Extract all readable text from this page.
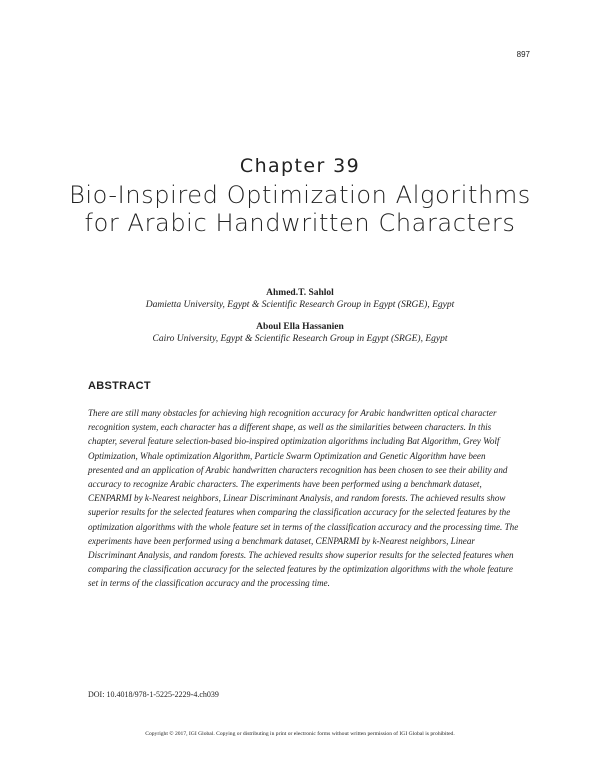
897
Chapter 39
Bio-Inspired Optimization Algorithms for Arabic Handwritten Characters
Ahmed.T. Sahlol
Damietta University, Egypt & Scientific Research Group in Egypt (SRGE), Egypt
Aboul Ella Hassanien
Cairo University, Egypt & Scientific Research Group in Egypt (SRGE), Egypt
ABSTRACT

There are still many obstacles for achieving high recognition accuracy for Arabic handwritten optical character recognition system, each character has a different shape, as well as the similarities between characters. In this chapter, several feature selection-based bio-inspired optimization algorithms including Bat Algorithm, Grey Wolf Optimization, Whale optimization Algorithm, Particle Swarm Optimization and Genetic Algorithm have been presented and an application of Arabic handwritten characters recognition has been chosen to see their ability and accuracy to recognize Arabic characters. The experiments have been performed using a benchmark dataset, CENPARMI by k-Nearest neighbors, Linear Discriminant Analysis, and random forests. The achieved results show superior results for the selected features when comparing the classification accuracy for the selected features by the optimization algorithms with the whole feature set in terms of the classification accuracy and the processing time. The experiments have been performed using a benchmark dataset, CENPARMI by k-Nearest neighbors, Linear Discriminant Analysis, and random forests. The achieved results show superior results for the selected features when comparing the classification accuracy for the selected features by the optimization algorithms with the whole feature set in terms of the classification accuracy and the processing time.

DOI: 10.4018/978-1-5225-2229-4.ch039
Copyright © 2017, IGI Global. Copying or distributing in print or electronic forms without written permission of IGI Global is prohibited.
